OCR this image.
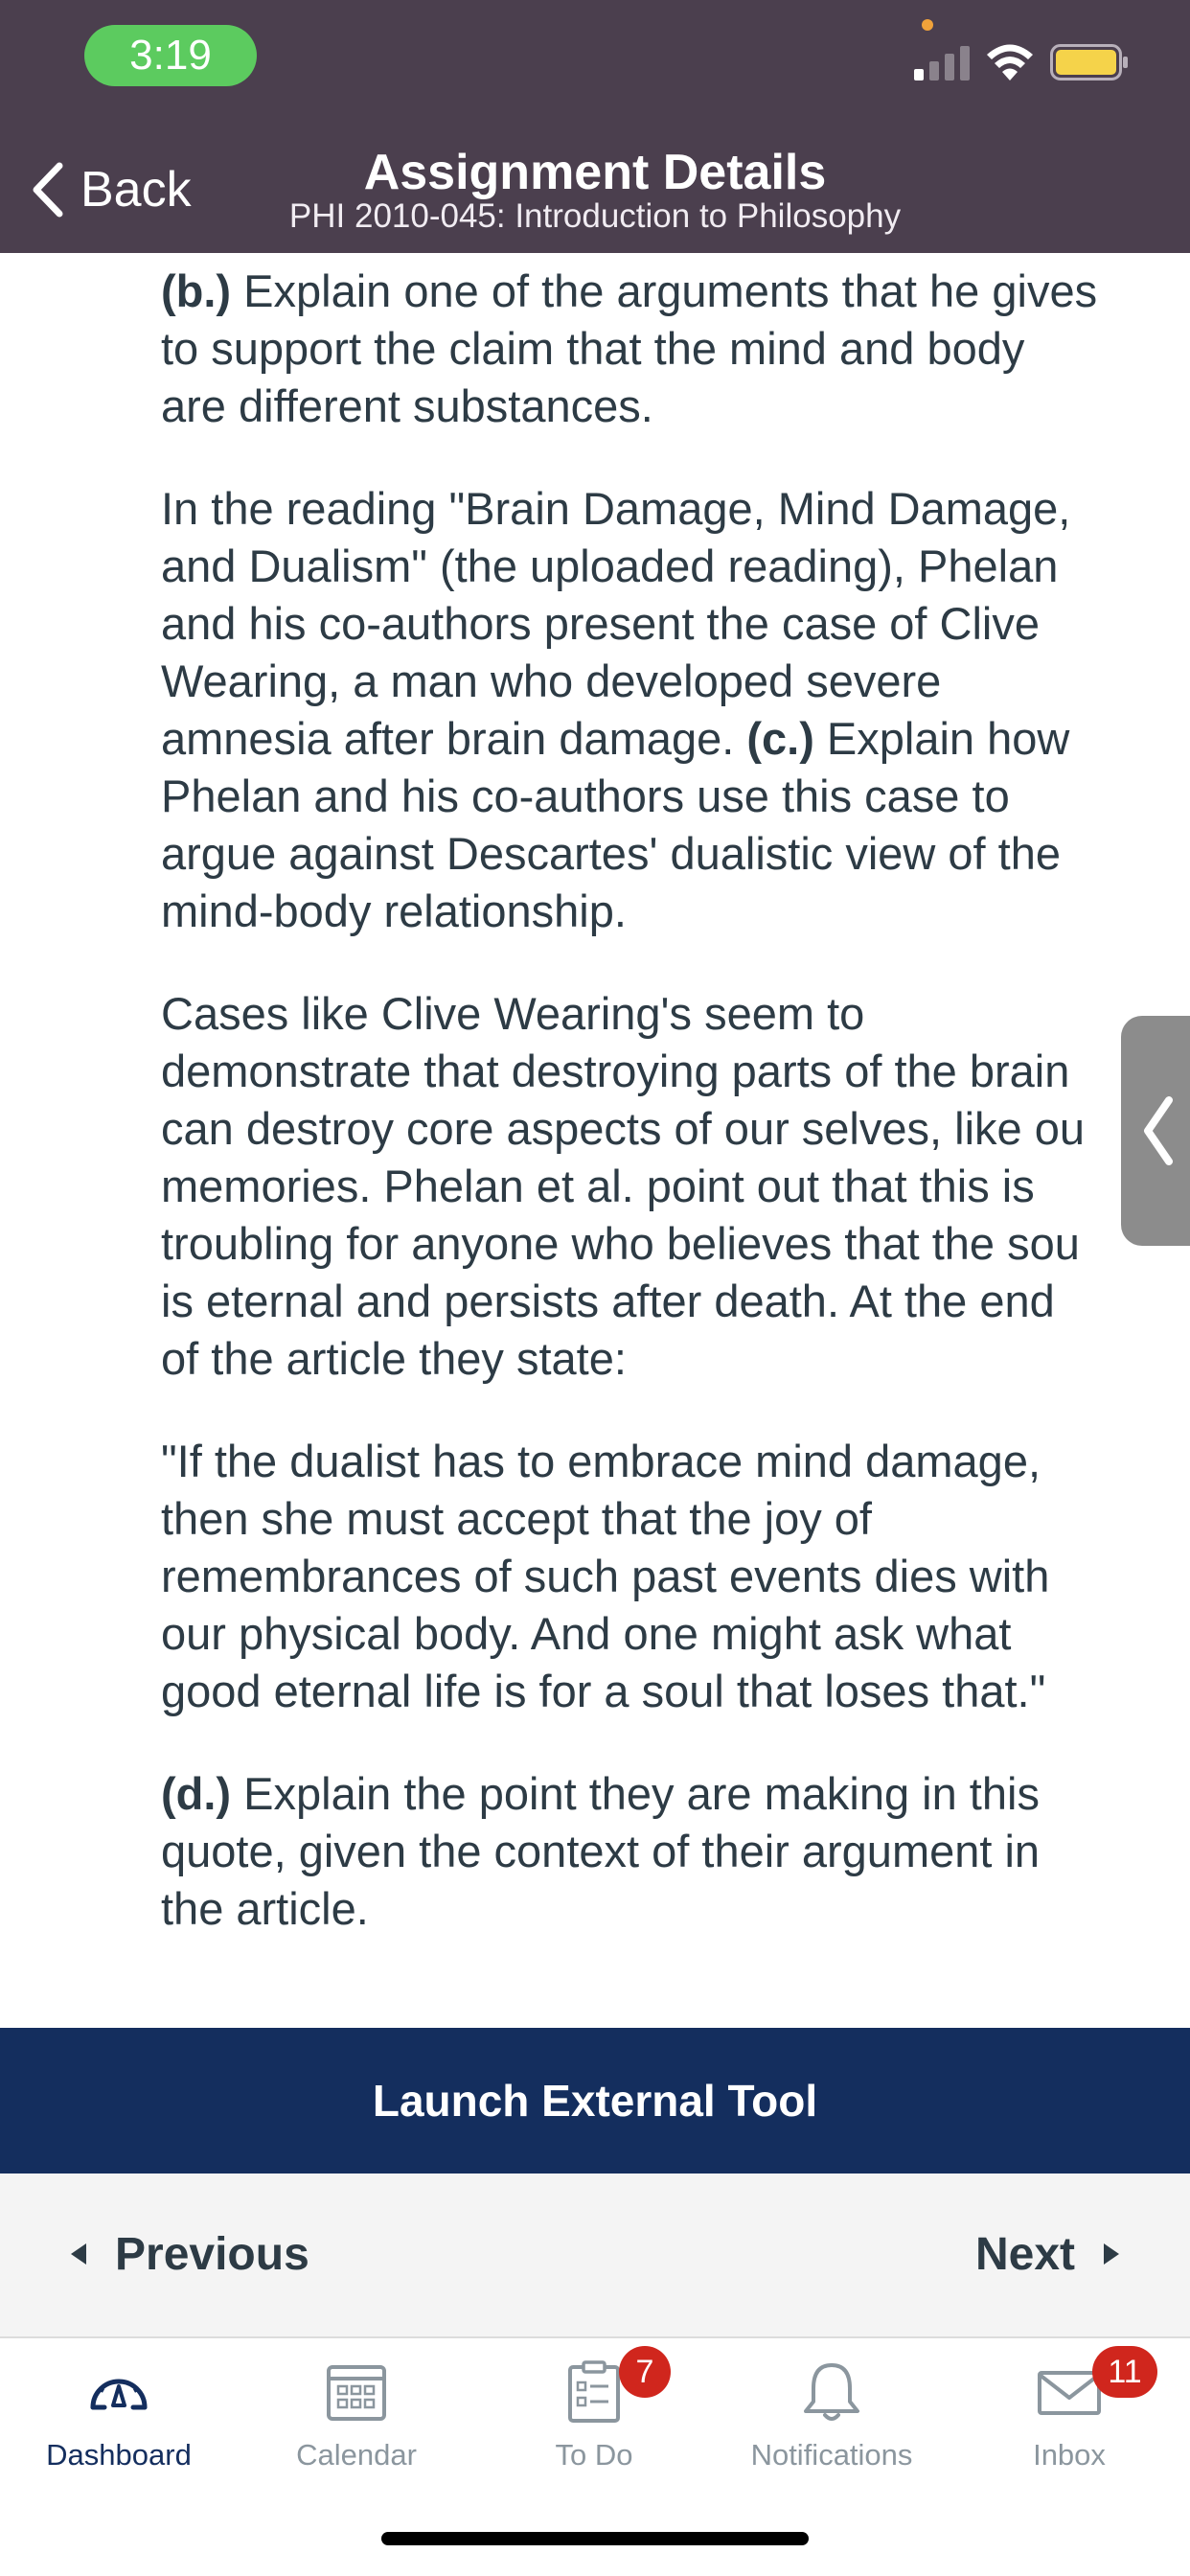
3:19
Back	Assignment Details
PHI 2010-045: Introduction to Philosophy

(b.) Explain one of the arguments that he gives
to support the claim that the mind and body
are different substances.

In the reading "Brain Damage, Mind Damage,
and Dualism" (the uploaded reading), Phelan
and his co-authors present the case of Clive
Wearing, a man who developed severe
amnesia after brain damage. (c.) Explain how
Phelan and his co-authors use this case to
argue against Descartes' dualistic view of the
mind-body relationship.

Cases like Clive Wearing's seem to
demonstrate that destroying parts of the brain
can destroy core aspects of our selves, like ou
memories. Phelan et al. point out that this is
troubling for anyone who believes that the sou
is eternal and persists after death. At the end
of the article they state:

"If the dualist has to embrace mind damage,
then she must accept that the joy of
remembrances of such past events dies with
our physical body. And one might ask what
good eternal life is for a soul that loses that."

(d.) Explain the point they are making in this
quote, given the context of their argument in
the article.

Launch External Tool
Previous	Next
Dashboard	Calendar
7
To Do	Notifications
11
Inbox
